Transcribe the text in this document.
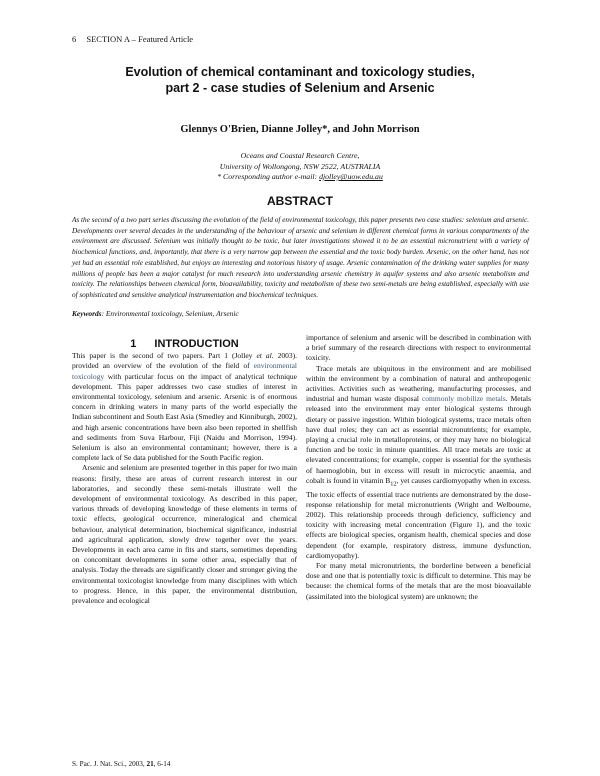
6 SECTION A – Featured Article
Evolution of chemical contaminant and toxicology studies,
part 2 - case studies of Selenium and Arsenic
Glennys O'Brien, Dianne Jolley*, and John Morrison
Oceans and Coastal Research Centre,
University of Wollongong, NSW 2522, AUSTRALIA
* Corresponding author e-mail: djolley@uow.edu.au
ABSTRACT
As the second of a two part series discussing the evolution of the field of environmental toxicology, this paper presents two case studies: selenium and arsenic. Developments over several decades in the understanding of the behaviour of arsenic and selenium in different chemical forms in various compartments of the environment are discussed. Selenium was initially thought to be toxic, but later investigations showed it to be an essential micronutrient with a variety of biochemical functions, and, importantly, that there is a very narrow gap between the essential and the toxic body burden. Arsenic, on the other hand, has not yet had an essential role established, but enjoys an interesting and notorious history of usage. Arsenic contamination of the drinking water supplies for many millions of people has been a major catalyst for much research into understanding arsenic chemistry in aquifer systems and also arsenic metabolism and toxicity. The relationships between chemical form, bioavailability, toxicity and metabolism of these two semi-metals are being established, especially with use of sophisticated and sensitive analytical instrumentation and biochemical techniques.
Keywords: Environmental toxicology, Selenium, Arsenic
1 INTRODUCTION

This paper is the second of two papers. Part 1 (Jolley et al. 2003). provided an overview of the evolution of the field of environmental toxicology with particular focus on the impact of analytical technique development. This paper addresses two case studies of interest in environmental toxicology, selenium and arsenic. Arsenic is of enormous concern in drinking waters in many parts of the world especially the Indian subcontinent and South East Asia (Smedley and Kinniburgh, 2002), and high arsenic concentrations have been also been reported in shellfish and sediments from Suva Harbour, Fiji (Naidu and Morrison, 1994). Selenium is also an environmental contaminant; however, there is a complete lack of Se data published for the South Pacific region.

Arsenic and selenium are presented together in this paper for two main reasons: firstly, these are areas of current research interest in our laboratories, and secondly these semi-metals illustrate well the development of environmental toxicology. As described in this paper, various threads of developing knowledge of these elements in terms of toxic effects, geological occurrence, mineralogical and chemical behaviour, analytical determination, biochemical significance, industrial and agricultural application, slowly drew together over the years. Developments in each area came in fits and starts, sometimes depending on concomitant developments in some other area, especially that of analysis. Today the threads are significantly closer and stronger giving the environmental toxicologist knowledge from many disciplines with which to progress. Hence, in this paper, the environmental distribution, prevalence and ecological

importance of selenium and arsenic will be described in combination with a brief summary of the research directions with respect to environmental toxicity.

Trace metals are ubiquitous in the environment and are mobilised within the environment by a combination of natural and anthropogenic activities. Activities such as weathering, manufacturing processes, and industrial and human waste disposal commonly mobilize metals. Metals released into the environment may enter biological systems through dietary or passive ingestion. Within biological systems, trace metals often have dual roles; they can act as essential micronutrients; for example, playing a crucial role in metalloproteins, or they may have no biological function and be toxic in minute quantities. All trace metals are toxic at elevated concentrations; for example, copper is essential for the synthesis of haemoglobin, but in excess will result in microcytic anaemia, and cobalt is found in vitamin $B_{12}$, yet causes cardiomyopathy when in excess. The toxic effects of essential trace nutrients are demonstrated by the dose-response relationship for metal micronutrients (Wright and Welbourne, 2002). This relationship proceeds through deficiency, sufficiency and toxicity with increasing metal concentration (Figure 1), and the toxic effects are biological species, organism health, chemical species and dose dependent (for example, respiratory distress, immune dysfunction, cardiomyopathy).

For many metal micronutrients, the borderline between a beneficial dose and one that is potentially toxic is difficult to determine. This may be because: the chemical forms of the metals that are the most bioavailable (assimilated into the biological system) are unknown; the

S. Pac. J. Nat. Sci., 2003, 21, 6-14
